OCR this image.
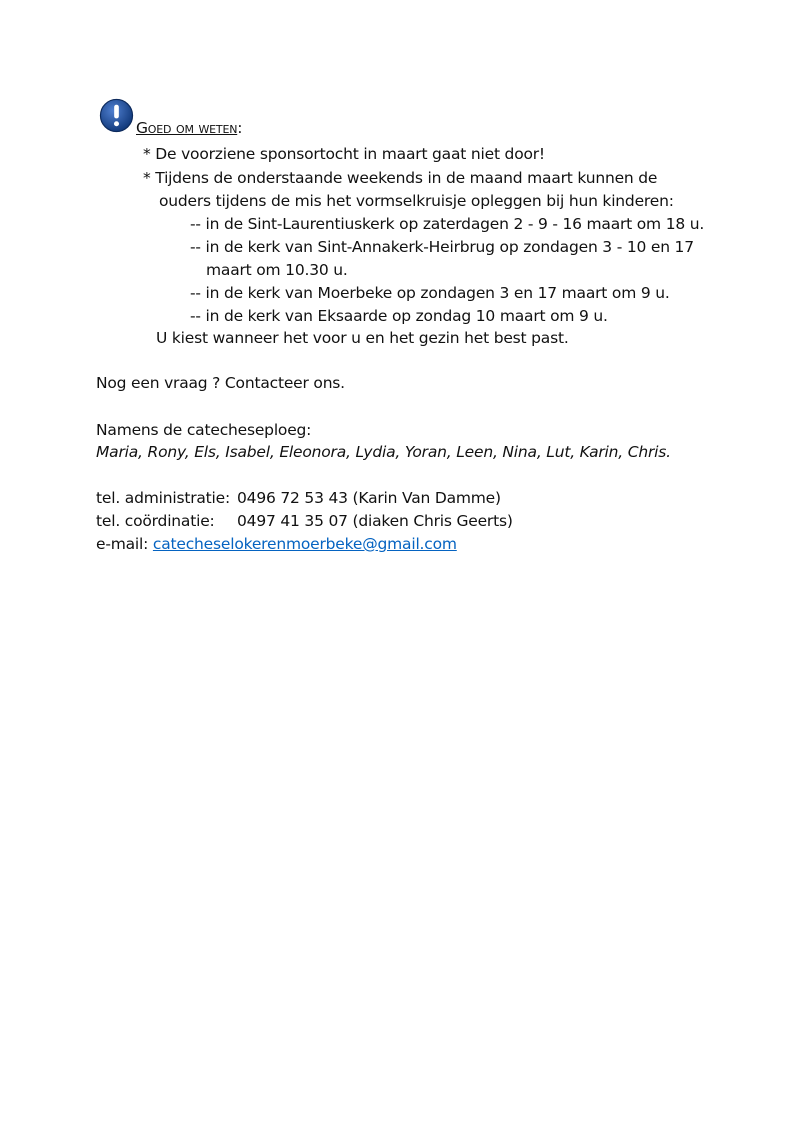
Goed om weten:
* De voorziene sponsortocht in maart gaat niet door!
* Tijdens de onderstaande weekends in de maand maart kunnen de
ouders tijdens de mis het vormselkruisje opleggen bij hun kinderen:
-- in de Sint-Laurentiuskerk op zaterdagen 2 - 9 - 16 maart om 18 u.
-- in de kerk van Sint-Annakerk-Heirbrug op zondagen 3 - 10 en 17
maart om 10.30 u.
-- in de kerk van Moerbeke op zondagen 3 en 17 maart om 9 u.
-- in de kerk van Eksaarde op zondag 10 maart om 9 u.
U kiest wanneer het voor u en het gezin het best past.
Nog een vraag ? Contacteer ons.
Namens de catecheseploeg:
Maria, Rony, Els, Isabel, Eleonora, Lydia, Yoran, Leen, Nina, Lut, Karin, Chris.
tel. administratie: 0496 72 53 43 (Karin Van Damme)
tel. coördinatie: 0497 41 35 07 (diaken Chris Geerts)
e-mail: catecheselokerenmoerbeke@gmail.com
